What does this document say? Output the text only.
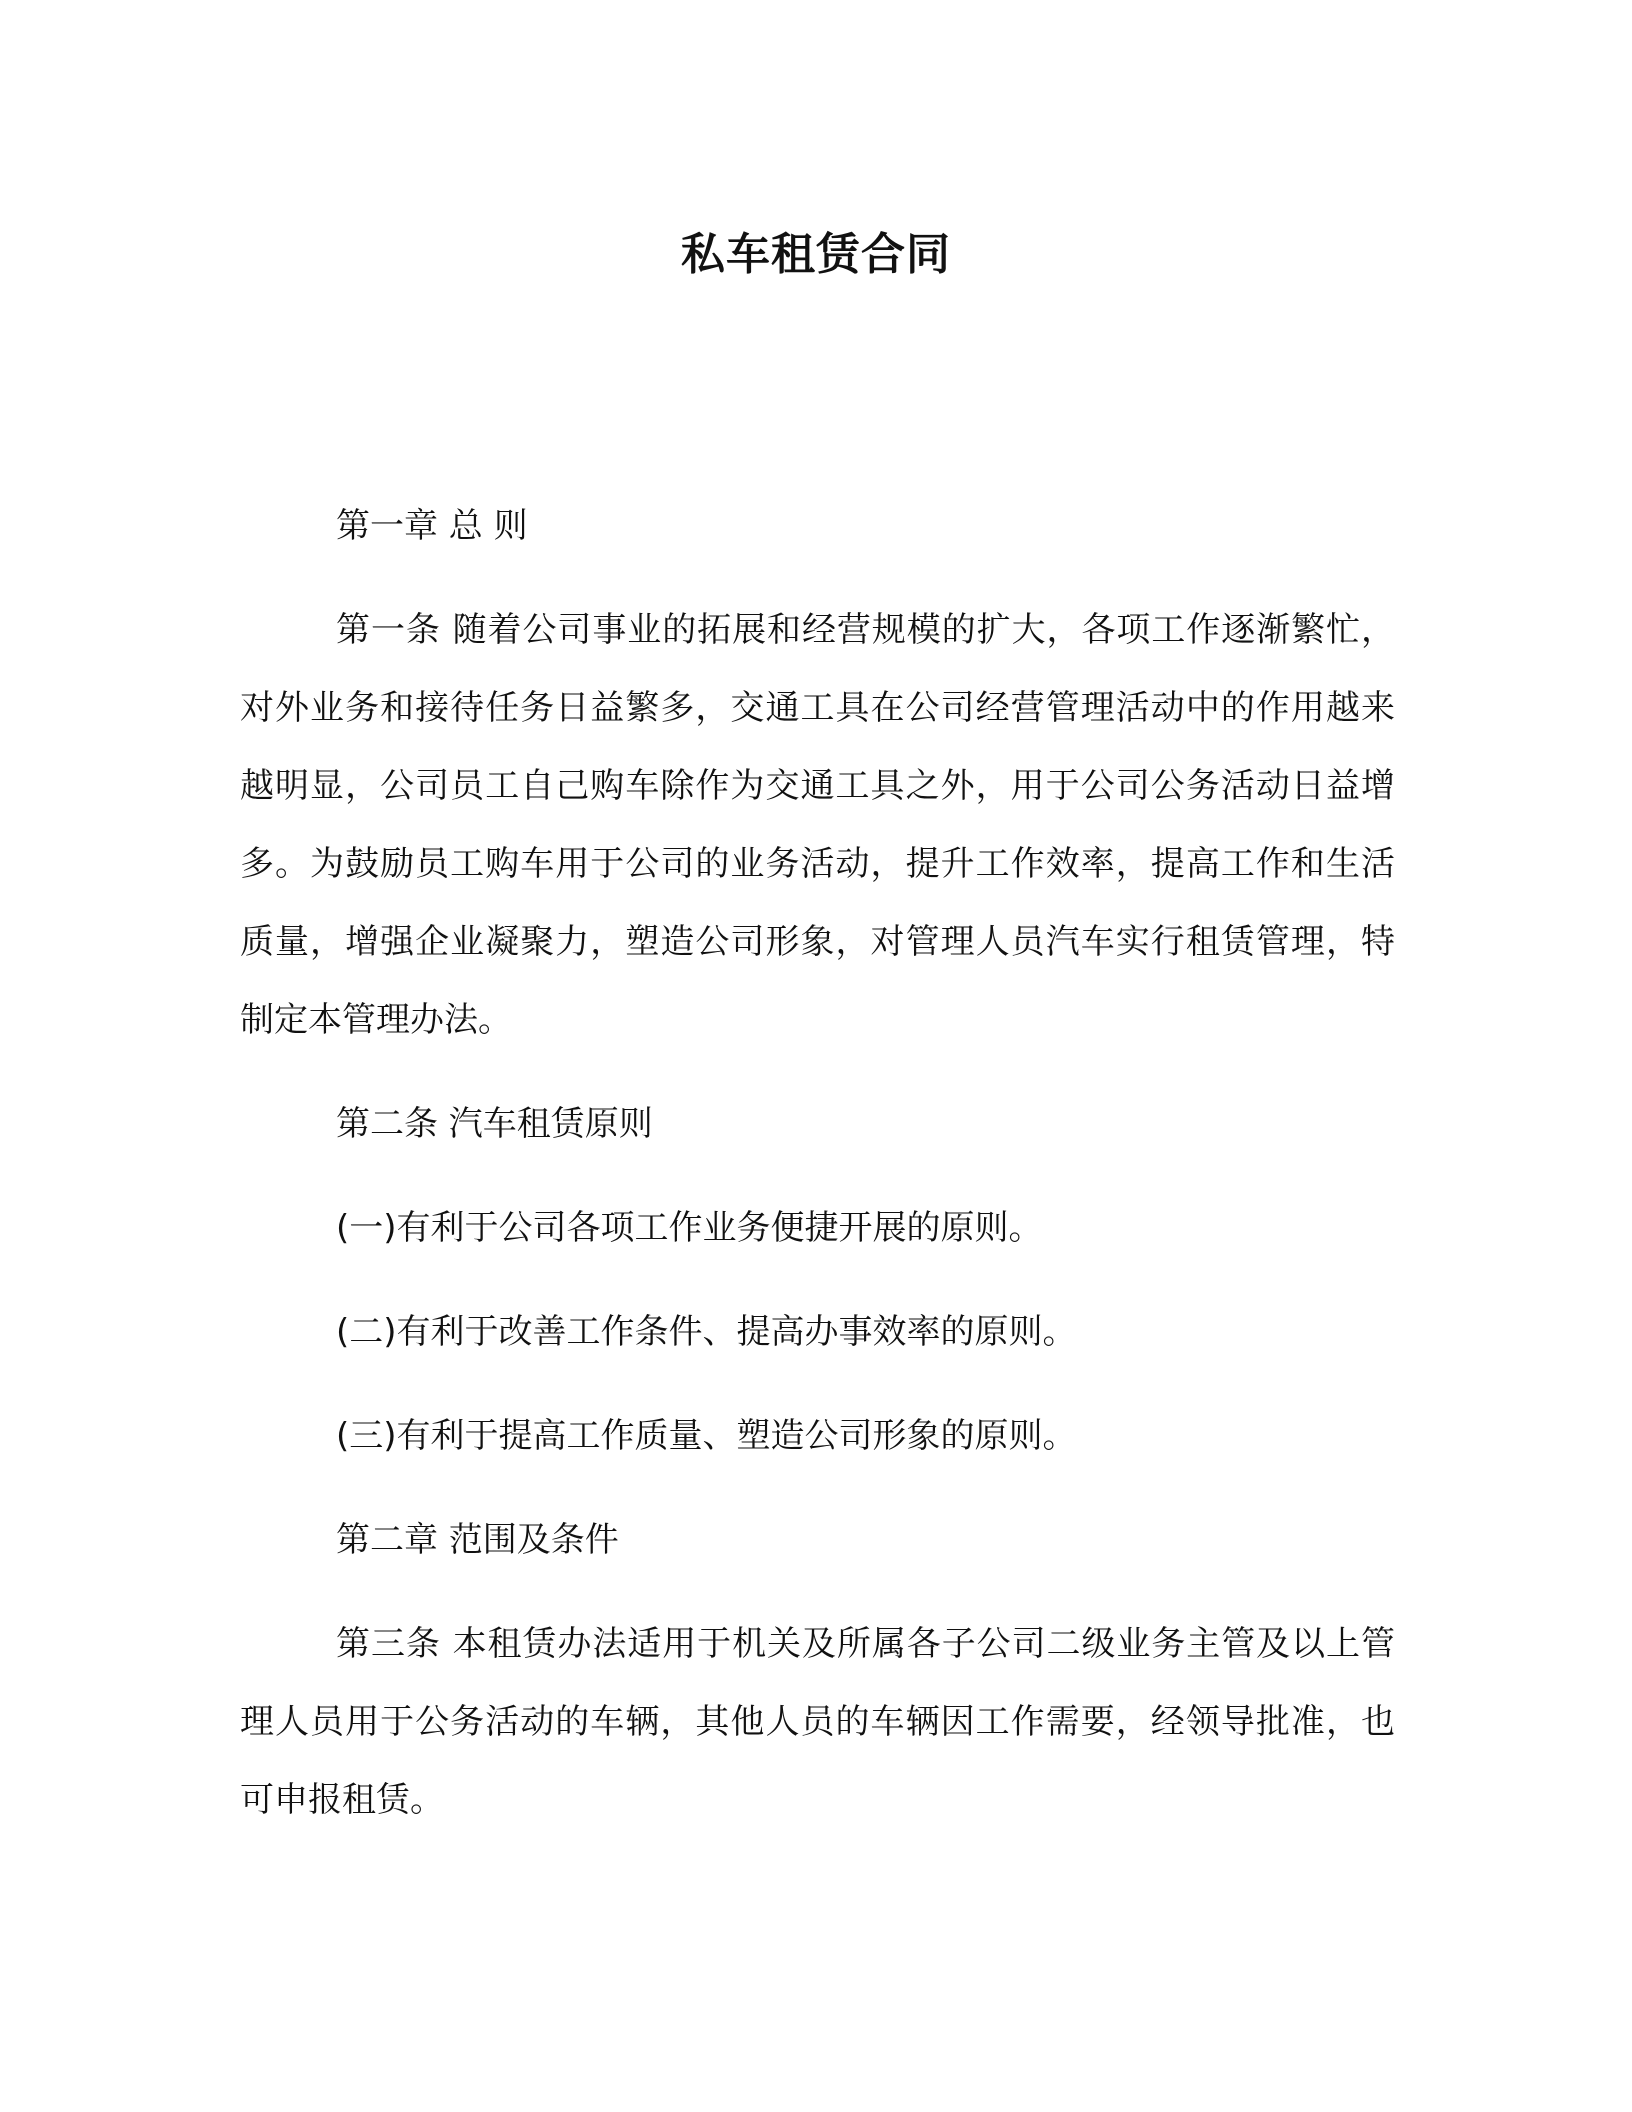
私车租赁合同

第一章 总 则

第一条 随着公司事业的拓展和经营规模的扩大，各项工作逐渐繁忙，对外业务和接待任务日益繁多，交通工具在公司经营管理活动中的作用越来越明显，公司员工自己购车除作为交通工具之外，用于公司公务活动日益增多。为鼓励员工购车用于公司的业务活动，提升工作效率，提高工作和生活质量，增强企业凝聚力，塑造公司形象，对管理人员汽车实行租赁管理，特制定本管理办法。

第二条 汽车租赁原则

(一)有利于公司各项工作业务便捷开展的原则。

(二)有利于改善工作条件、提高办事效率的原则。

(三)有利于提高工作质量、塑造公司形象的原则。

第二章 范围及条件

第三条 本租赁办法适用于机关及所属各子公司二级业务主管及以上管理人员用于公务活动的车辆，其他人员的车辆因工作需要，经领导批准，也可申报租赁。
